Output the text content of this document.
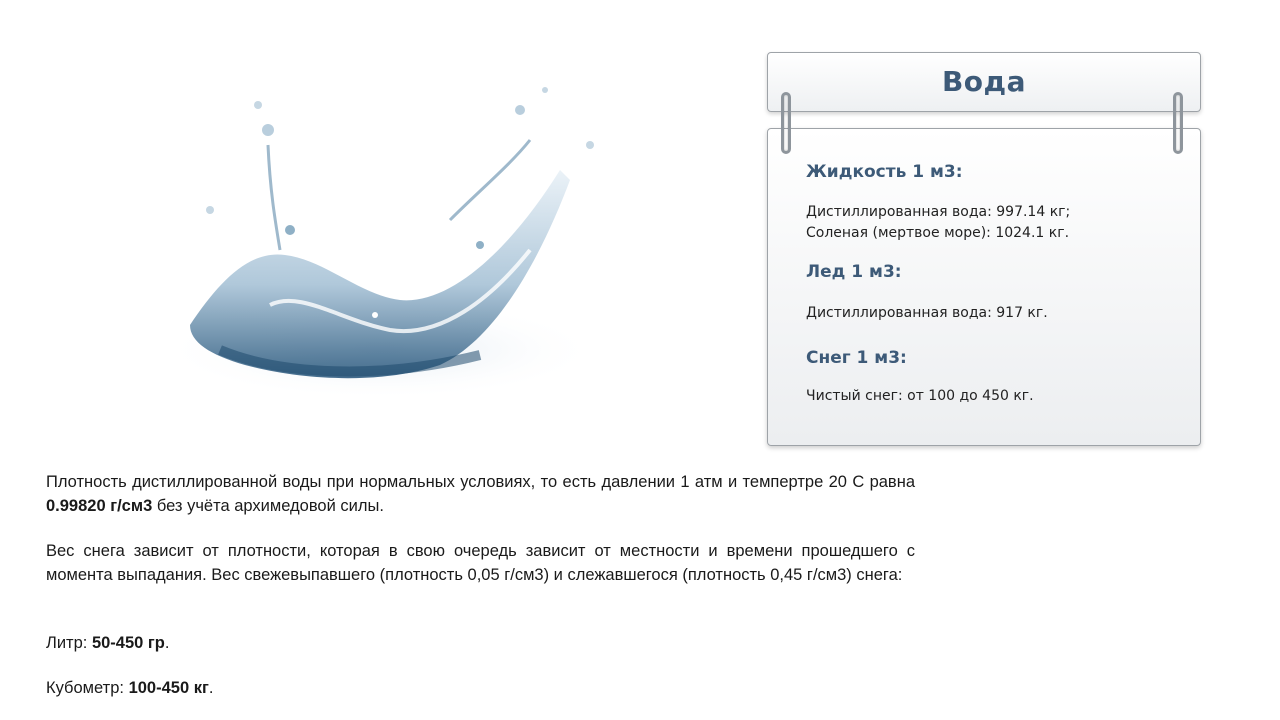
Вода
Жидкость 1 м3:
Дистиллированная вода: 997.14 кг;
Соленая (мертвое море): 1024.1 кг.
Лед 1 м3:
Дистиллированная вода: 917 кг.
Снег 1 м3:
Чистый снег: от 100 до 450 кг.
Плотность дистиллированной воды при нормальных условиях, то есть давлении 1 атм и темпертре 20 С равна 0.99820 г/см3 без учёта архимедовой силы.
Вес снега зависит от плотности, которая в свою очередь зависит от местности и времени прошедшего с момента выпадания. Вес свежевыпавшего (плотность 0,05 г/см3) и слежавшегося (плотность 0,45 г/см3) снега:
Литр: 50-450 гр.
Кубометр: 100-450 кг.
